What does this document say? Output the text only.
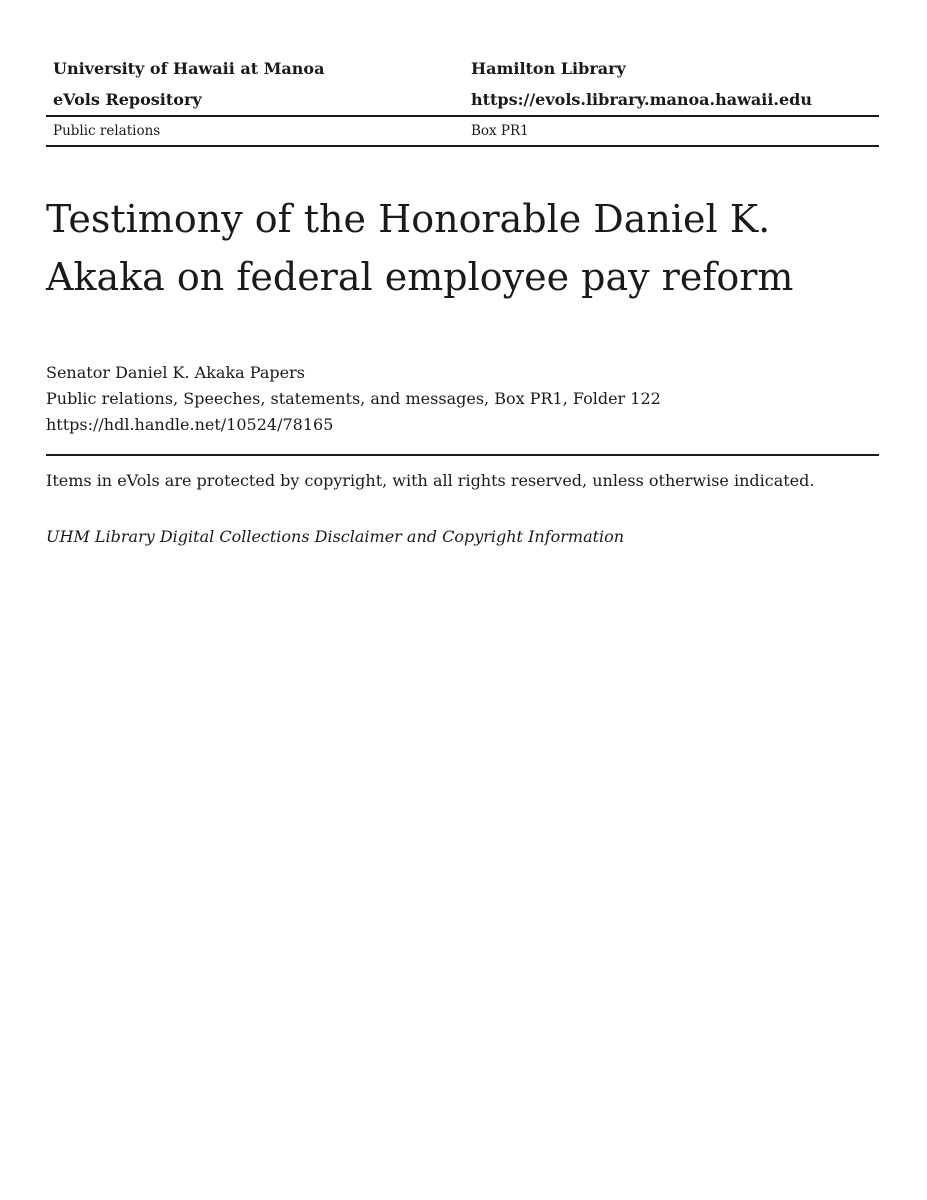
University of Hawaii at Manoa	Hamilton Library
eVols Repository	https://evols.library.manoa.hawaii.edu
Public relations	Box PR1
Testimony of the Honorable Daniel K.
Akaka on federal employee pay reform
Senator Daniel K. Akaka Papers
Public relations, Speeches, statements, and messages, Box PR1, Folder 122
https://hdl.handle.net/10524/78165
Items in eVols are protected by copyright, with all rights reserved, unless otherwise indicated.
UHM Library Digital Collections Disclaimer and Copyright Information
